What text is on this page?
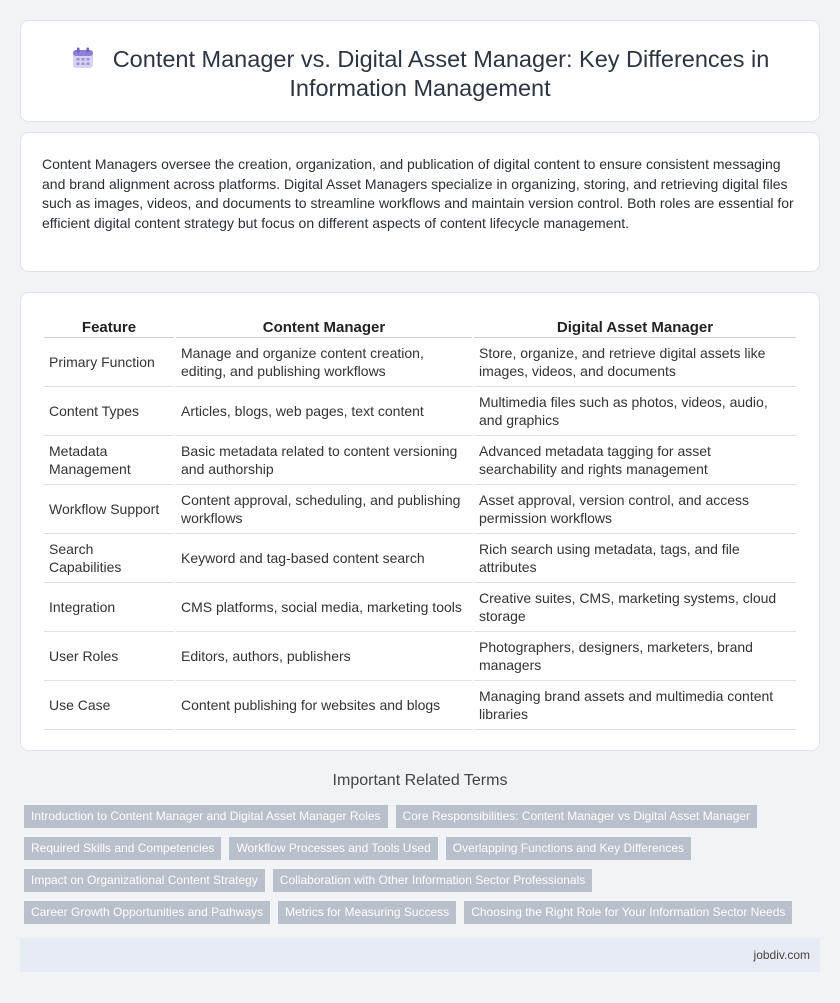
Content Manager vs. Digital Asset Manager: Key Differences in Information Management

Content Managers oversee the creation, organization, and publication of digital content to ensure consistent messaging and brand alignment across platforms. Digital Asset Managers specialize in organizing, storing, and retrieving digital files such as images, videos, and documents to streamline workflows and maintain version control. Both roles are essential for efficient digital content strategy but focus on different aspects of content lifecycle management.

Feature	Content Manager	Digital Asset Manager
Primary Function	Manage and organize content creation, editing, and publishing workflows	Store, organize, and retrieve digital assets like images, videos, and documents
Content Types	Articles, blogs, web pages, text content	Multimedia files such as photos, videos, audio, and graphics
Metadata Management	Basic metadata related to content versioning and authorship	Advanced metadata tagging for asset searchability and rights management
Workflow Support	Content approval, scheduling, and publishing workflows	Asset approval, version control, and access permission workflows
Search Capabilities	Keyword and tag-based content search	Rich search using metadata, tags, and file attributes
Integration	CMS platforms, social media, marketing tools	Creative suites, CMS, marketing systems, cloud storage
User Roles	Editors, authors, publishers	Photographers, designers, marketers, brand managers
Use Case	Content publishing for websites and blogs	Managing brand assets and multimedia content libraries
Important Related Terms
Introduction to Content Manager and Digital Asset Manager Roles	Core Responsibilities: Content Manager vs Digital Asset Manager
Required Skills and Competencies	Workflow Processes and Tools Used	Overlapping Functions and Key Differences
Impact on Organizational Content Strategy	Collaboration with Other Information Sector Professionals
Career Growth Opportunities and Pathways	Metrics for Measuring Success	Choosing the Right Role for Your Information Sector Needs
jobdiv.com
